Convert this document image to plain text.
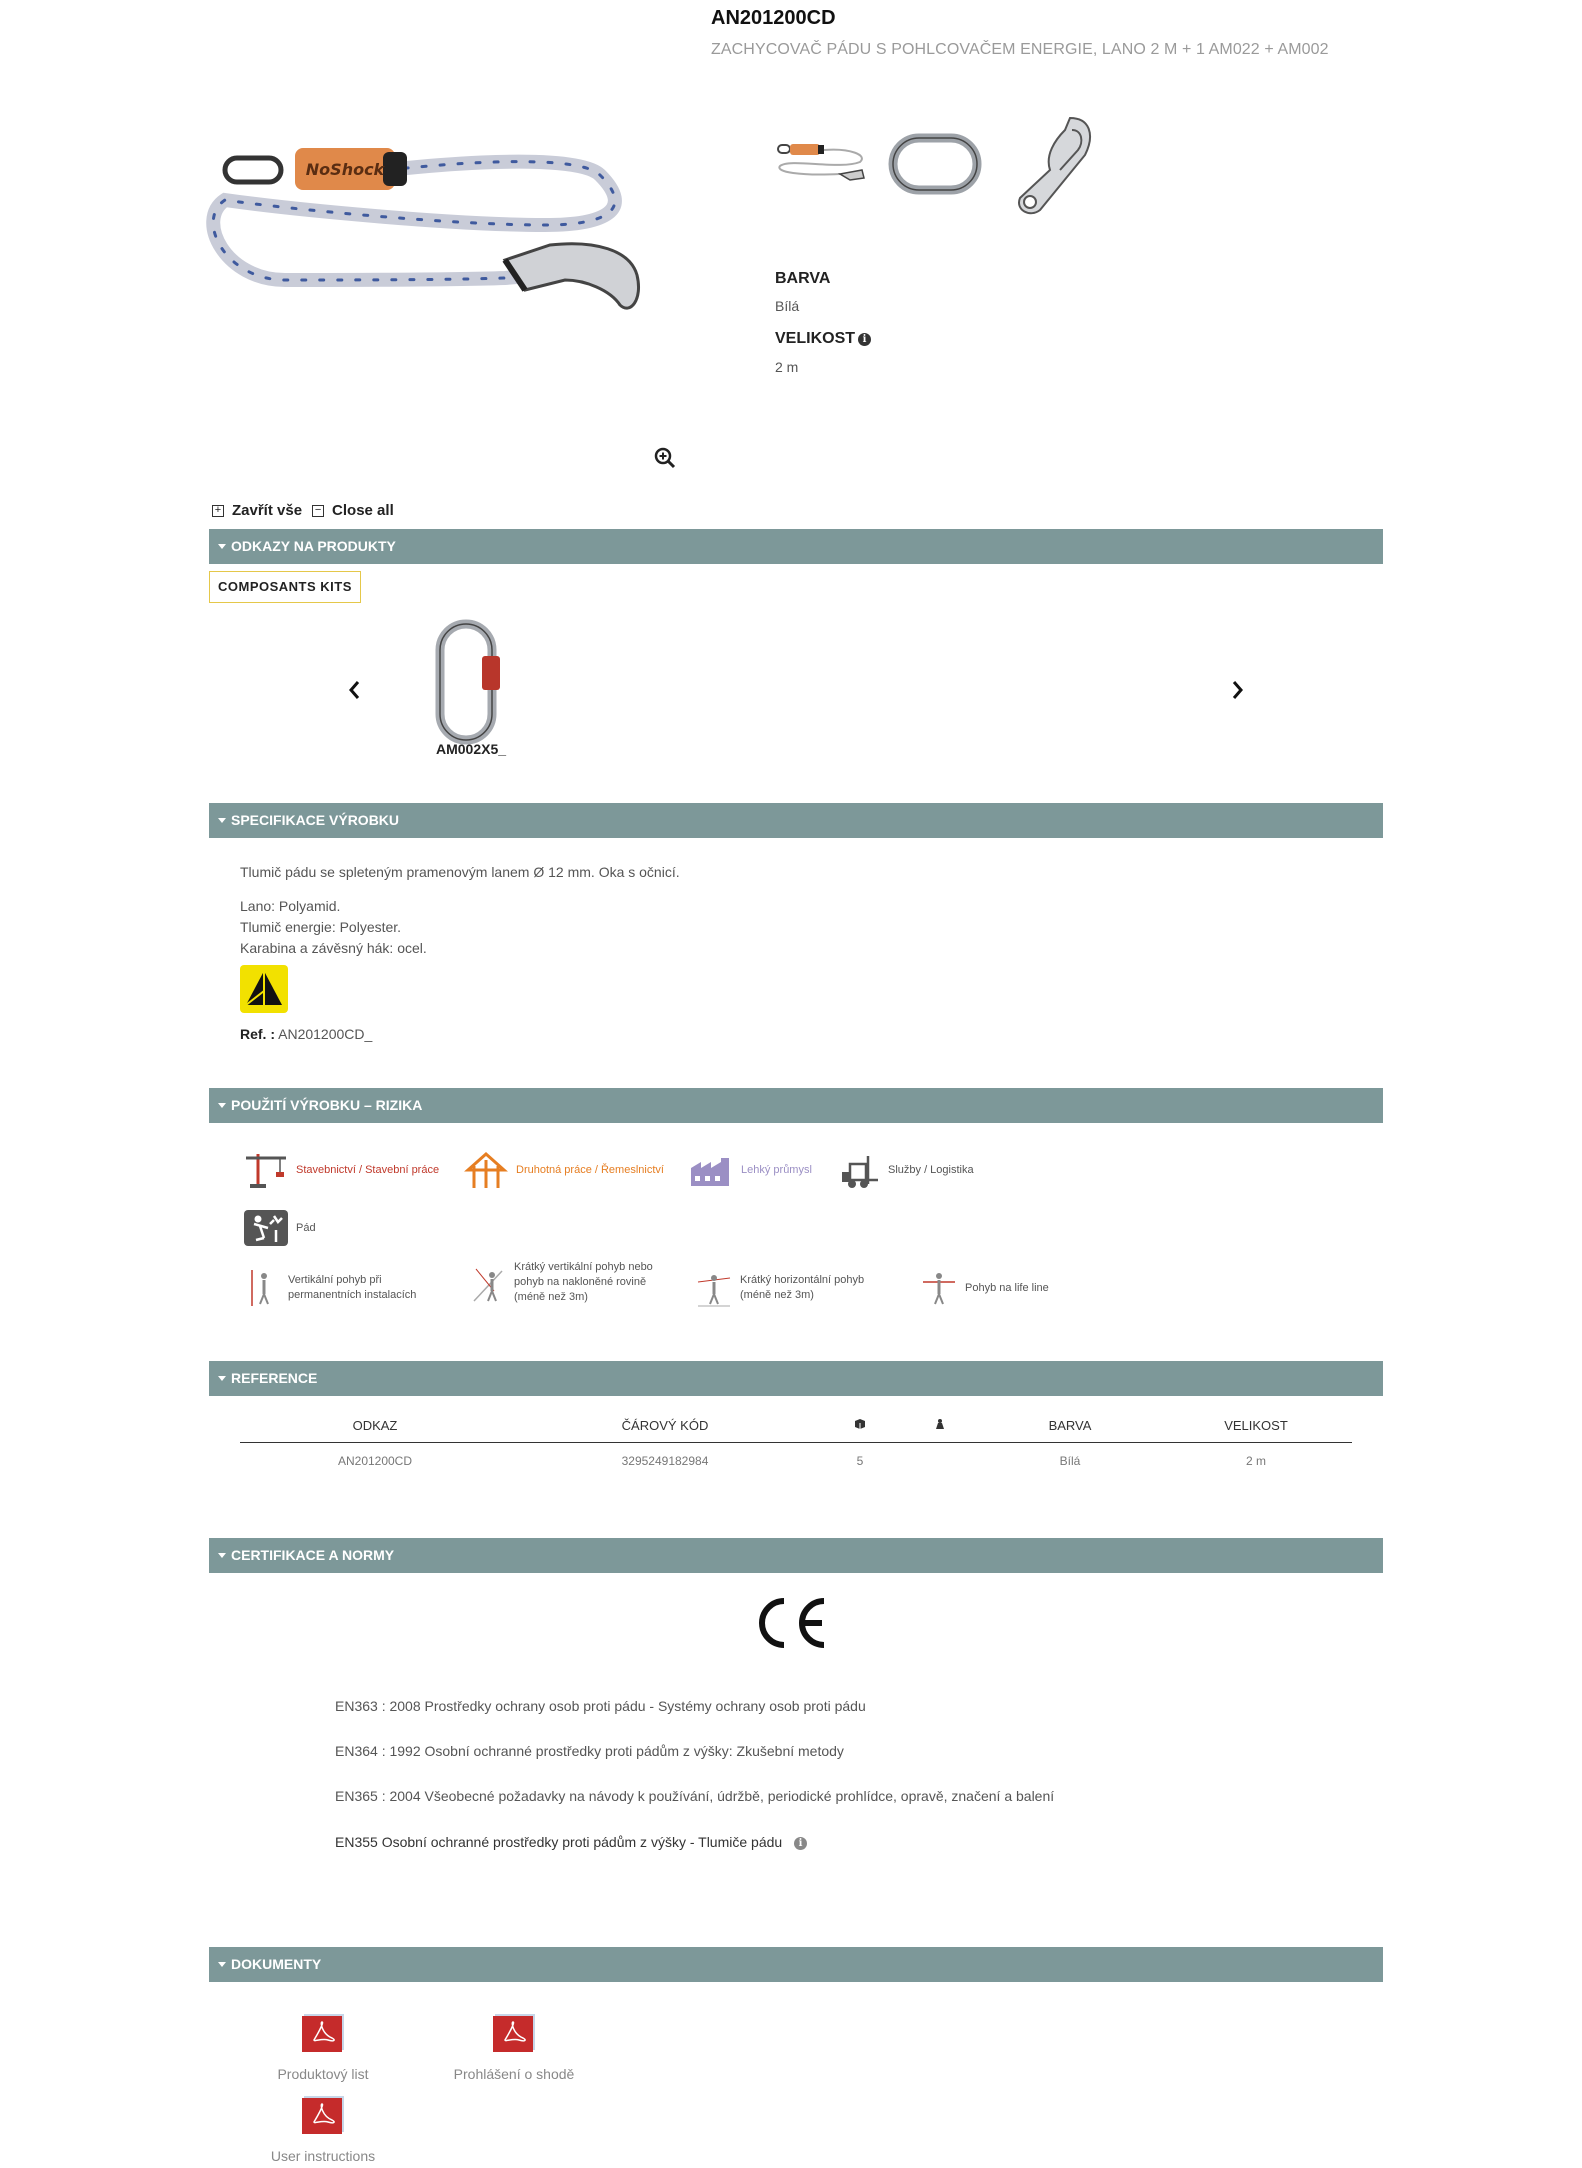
AN201200CD
ZACHYCOVAČ PÁDU S POHLCOVAČEM ENERGIE, LANO 2 M + 1 AM022 + AM002
NoShock
BARVA
Bílá
VELIKOST i
2 m
+ Zavřít vše − Close all
ODKAZY NA PRODUKTY
COMPOSANTS KITS
AM002X5_
SPECIFIKACE VÝROBKU
Tlumič pádu se spleteným pramenovým lanem Ø 12 mm. Oka s očnicí.
Lano: Polyamid.
Tlumič energie: Polyester.
Karabina a závěsný hák: ocel.
Ref. : AN201200CD_
POUŽITÍ VÝROBKU – RIZIKA
Stavebnictví / Stavební práce	Druhotná práce / Řemeslnictví	Lehký průmysl	Služby / Logistika
Pád
Vertikální pohyb při
permanentních instalacích
Krátký vertikální pohyb nebo
pohyb na nakloněné rovině
(méně než 3m)
Krátký horizontální pohyb
(méně než 3m)
Pohyb na life line
REFERENCE
ODKAZ	ČÁROVÝ KÓD			BARVA	VELIKOST
AN201200CD	3295249182984	5		Bílá	2 m
CERTIFIKACE A NORMY
EN363 : 2008 Prostředky ochrany osob proti pádu - Systémy ochrany osob proti pádu
EN364 : 1992 Osobní ochranné prostředky proti pádům z výšky: Zkušební metody
EN365 : 2004 Všeobecné požadavky na návody k používání, údržbě, periodické prohlídce, opravě, značení a balení
EN355 Osobní ochranné prostředky proti pádům z výšky - Tlumiče pádu i
DOKUMENTY
Produktový list	Prohlášení o shodě
User instructions
